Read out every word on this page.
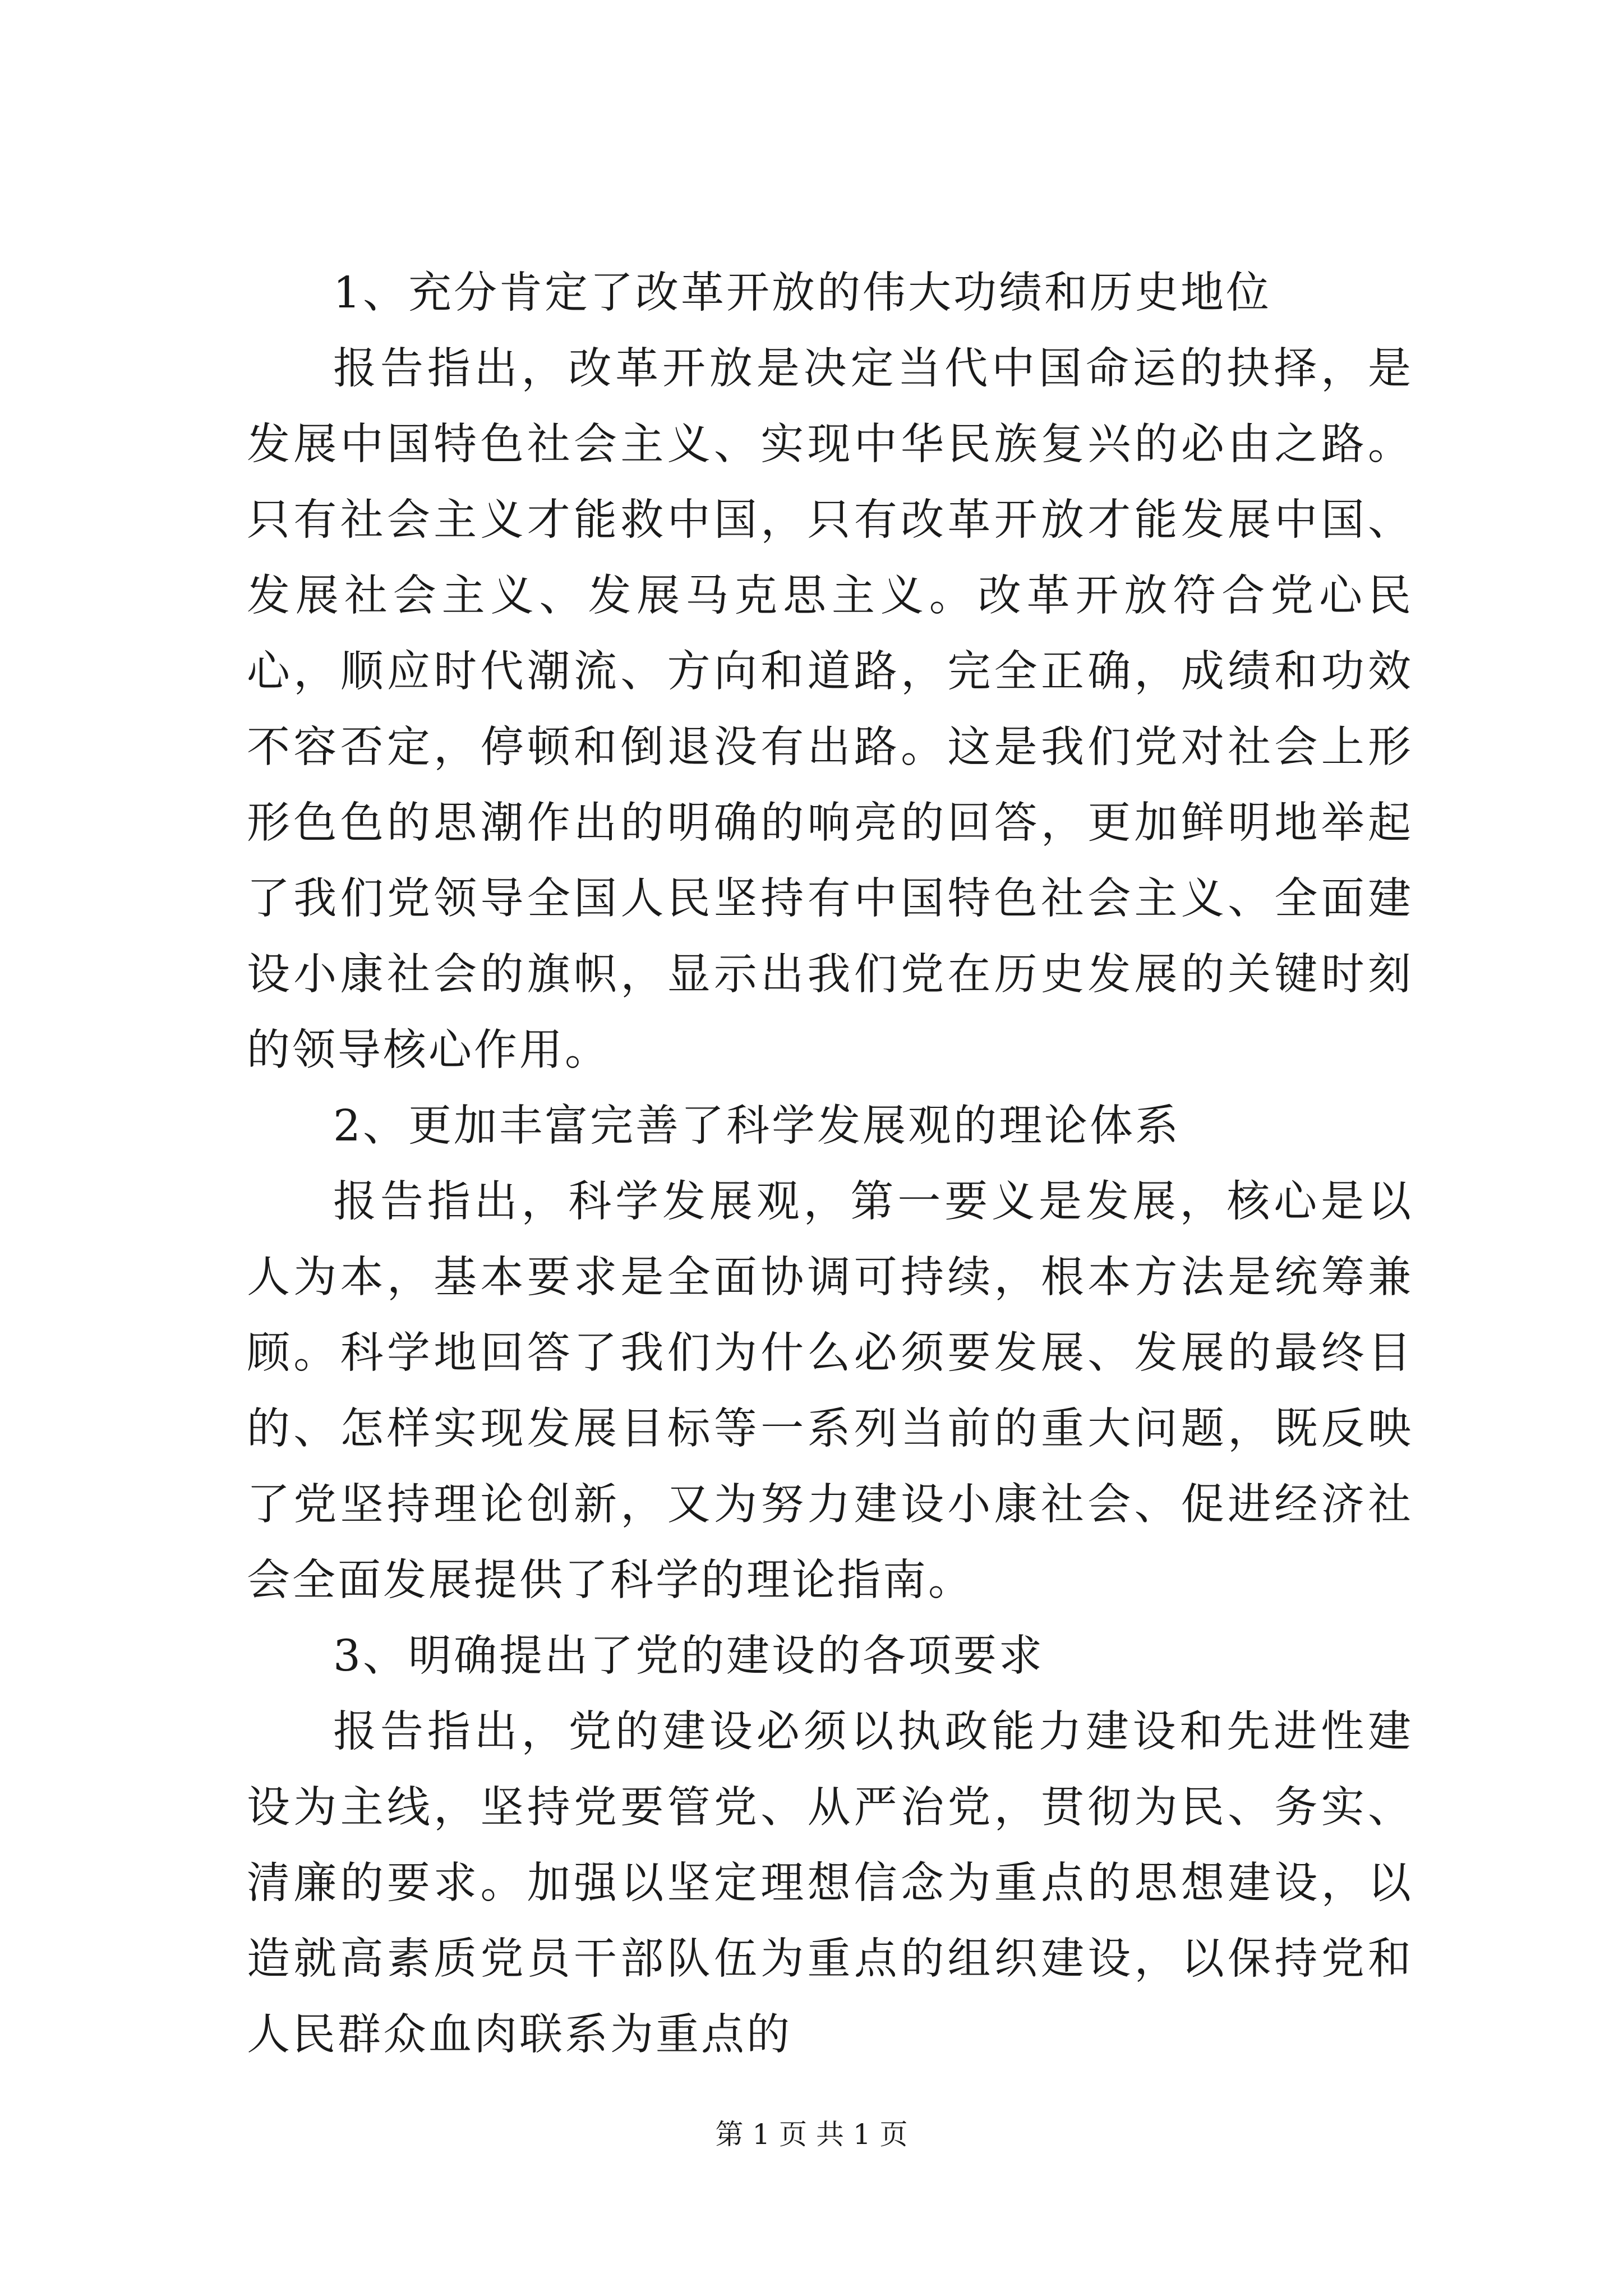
1、充分肯定了改革开放的伟大功绩和历史地位

报告指出，改革开放是决定当代中国命运的抉择，是发展中国特色社会主义、实现中华民族复兴的必由之路。只有社会主义才能救中国，只有改革开放才能发展中国、发展社会主义、发展马克思主义。改革开放符合党心民心，顺应时代潮流、方向和道路，完全正确，成绩和功效不容否定，停顿和倒退没有出路。这是我们党对社会上形形色色的思潮作出的明确的响亮的回答，更加鲜明地举起了我们党领导全国人民坚持有中国特色社会主义、全面建设小康社会的旗帜，显示出我们党在历史发展的关键时刻的领导核心作用。

2、更加丰富完善了科学发展观的理论体系

报告指出，科学发展观，第一要义是发展，核心是以人为本，基本要求是全面协调可持续，根本方法是统筹兼顾。科学地回答了我们为什么必须要发展、发展的最终目的、怎样实现发展目标等一系列当前的重大问题，既反映了党坚持理论创新，又为努力建设小康社会、促进经济社会全面发展提供了科学的理论指南。

3、明确提出了党的建设的各项要求

报告指出，党的建设必须以执政能力建设和先进性建设为主线，坚持党要管党、从严治党，贯彻为民、务实、清廉的要求。加强以坚定理想信念为重点的思想建设，以造就高素质党员干部队伍为重点的组织建设，以保持党和人民群众血肉联系为重点的

第 1 页 共 1 页
